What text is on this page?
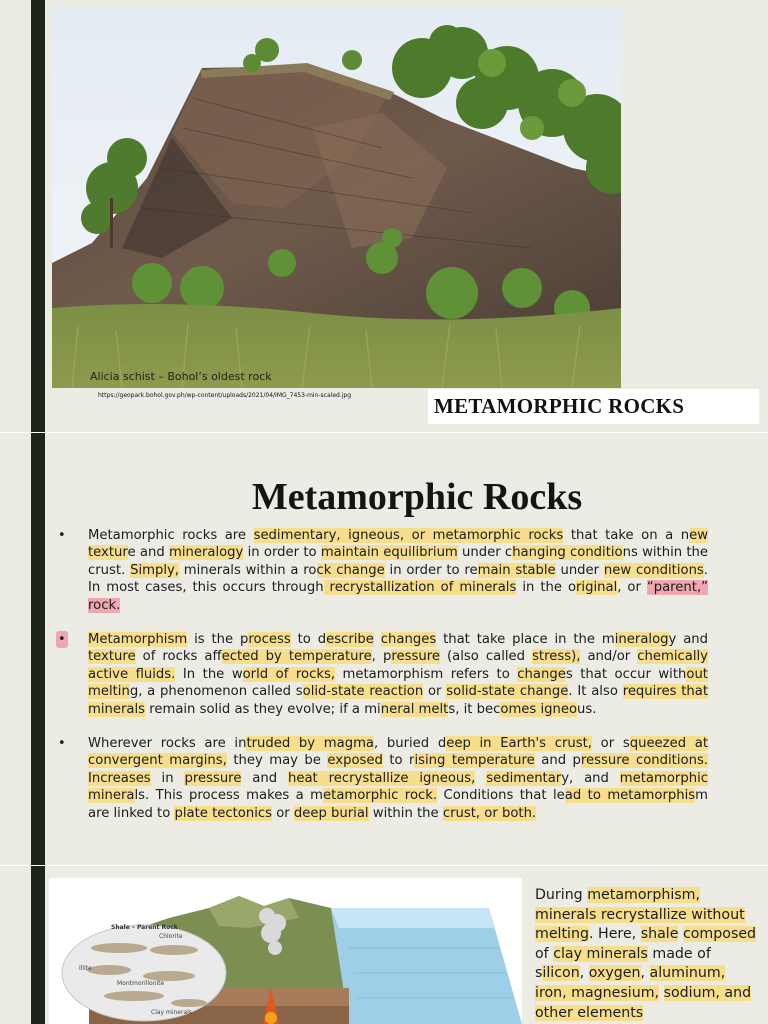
Alicia schist – Bohol’s oldest rock
https://geopark.bohol.gov.ph/wp-content/uploads/2021/04/IMG_7453-min-scaled.jpg	METAMORPHIC ROCKS
Metamorphic Rocks
• Metamorphic rocks are sedimentary, igneous, or metamorphic rocks that take on a new texture and mineralogy in order to maintain equilibrium under changing conditions within the crust. Simply, minerals within a rock change in order to remain stable under new conditions. In most cases, this occurs through recrystallization of minerals in the original, or “parent,” rock.
• Metamorphism is the process to describe changes that take place in the mineralogy and texture of rocks affected by temperature, pressure (also called stress), and/or chemically active fluids. In the world of rocks, metamorphism refers to changes that occur without melting, a phenomenon called solid-state reaction or solid-state change. It also requires that minerals remain solid as they evolve; if a mineral melts, it becomes igneous.
• Wherever rocks are intruded by magma, buried deep in Earth's crust, or squeezed at convergent margins, they may be exposed to rising temperature and pressure conditions. Increases in pressure and heat recrystallize igneous, sedimentary, and metamorphic minerals. This process makes a metamorphic rock. Conditions that lead to metamorphism are linked to plate tectonics or deep burial within the crust, or both.
Shale – Parent Rock
Chlorite
Illite
Montmorillonite
Clay minerals
During metamorphism, minerals recrystallize without melting. Here, shale composed of clay minerals made of silicon, oxygen, aluminum, iron, magnesium, sodium, and other elements
